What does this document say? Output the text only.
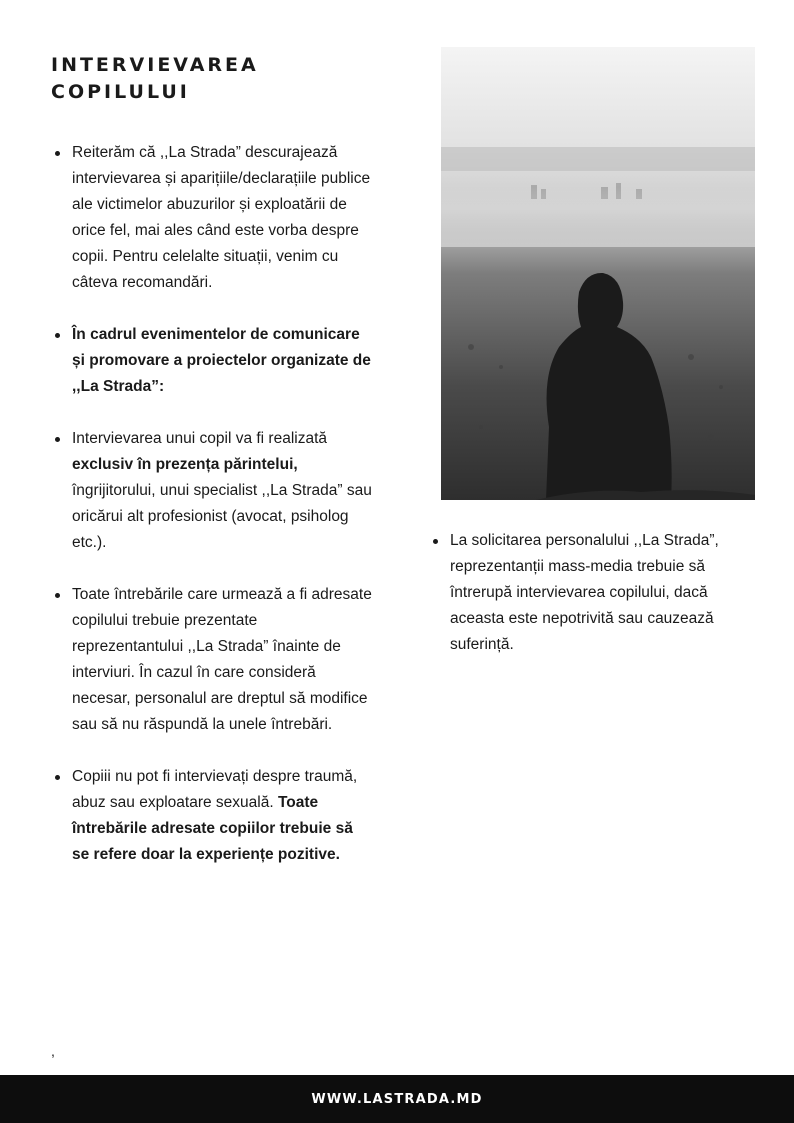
INTERVIEVAREA
COPILULUI
Reiterăm că ,,La Strada” descurajează intervievarea și aparițiile/declarațiile publice ale victimelor abuzurilor și exploatării de orice fel, mai ales când este vorba despre copii. Pentru celelalte situații, venim cu câteva recomandări.
În cadrul evenimentelor de comunicare și promovare a proiectelor organizate de ,,La Strada”:
Intervievarea unui copil va fi realizată exclusiv în prezența părintelui, îngrijitorului, unui specialist ,,La Strada” sau oricărui alt profesionist (avocat, psiholog etc.).
Toate întrebările care urmează a fi adresate copilului trebuie prezentate reprezentantului ,,La Strada” înainte de interviuri. În cazul în care consideră necesar, personalul are dreptul să modifice sau să nu răspundă la unele întrebări.
Copiii nu pot fi intervievați despre traumă, abuz sau exploatare sexuală. Toate întrebările adresate copiilor trebuie să se refere doar la experiențe pozitive.
La solicitarea personalului ,,La Strada”, reprezentanții mass-media trebuie să întrerupă intervievarea copilului, dacă aceasta este nepotrivită sau cauzează suferință.
,
WWW.LASTRADA.MD
